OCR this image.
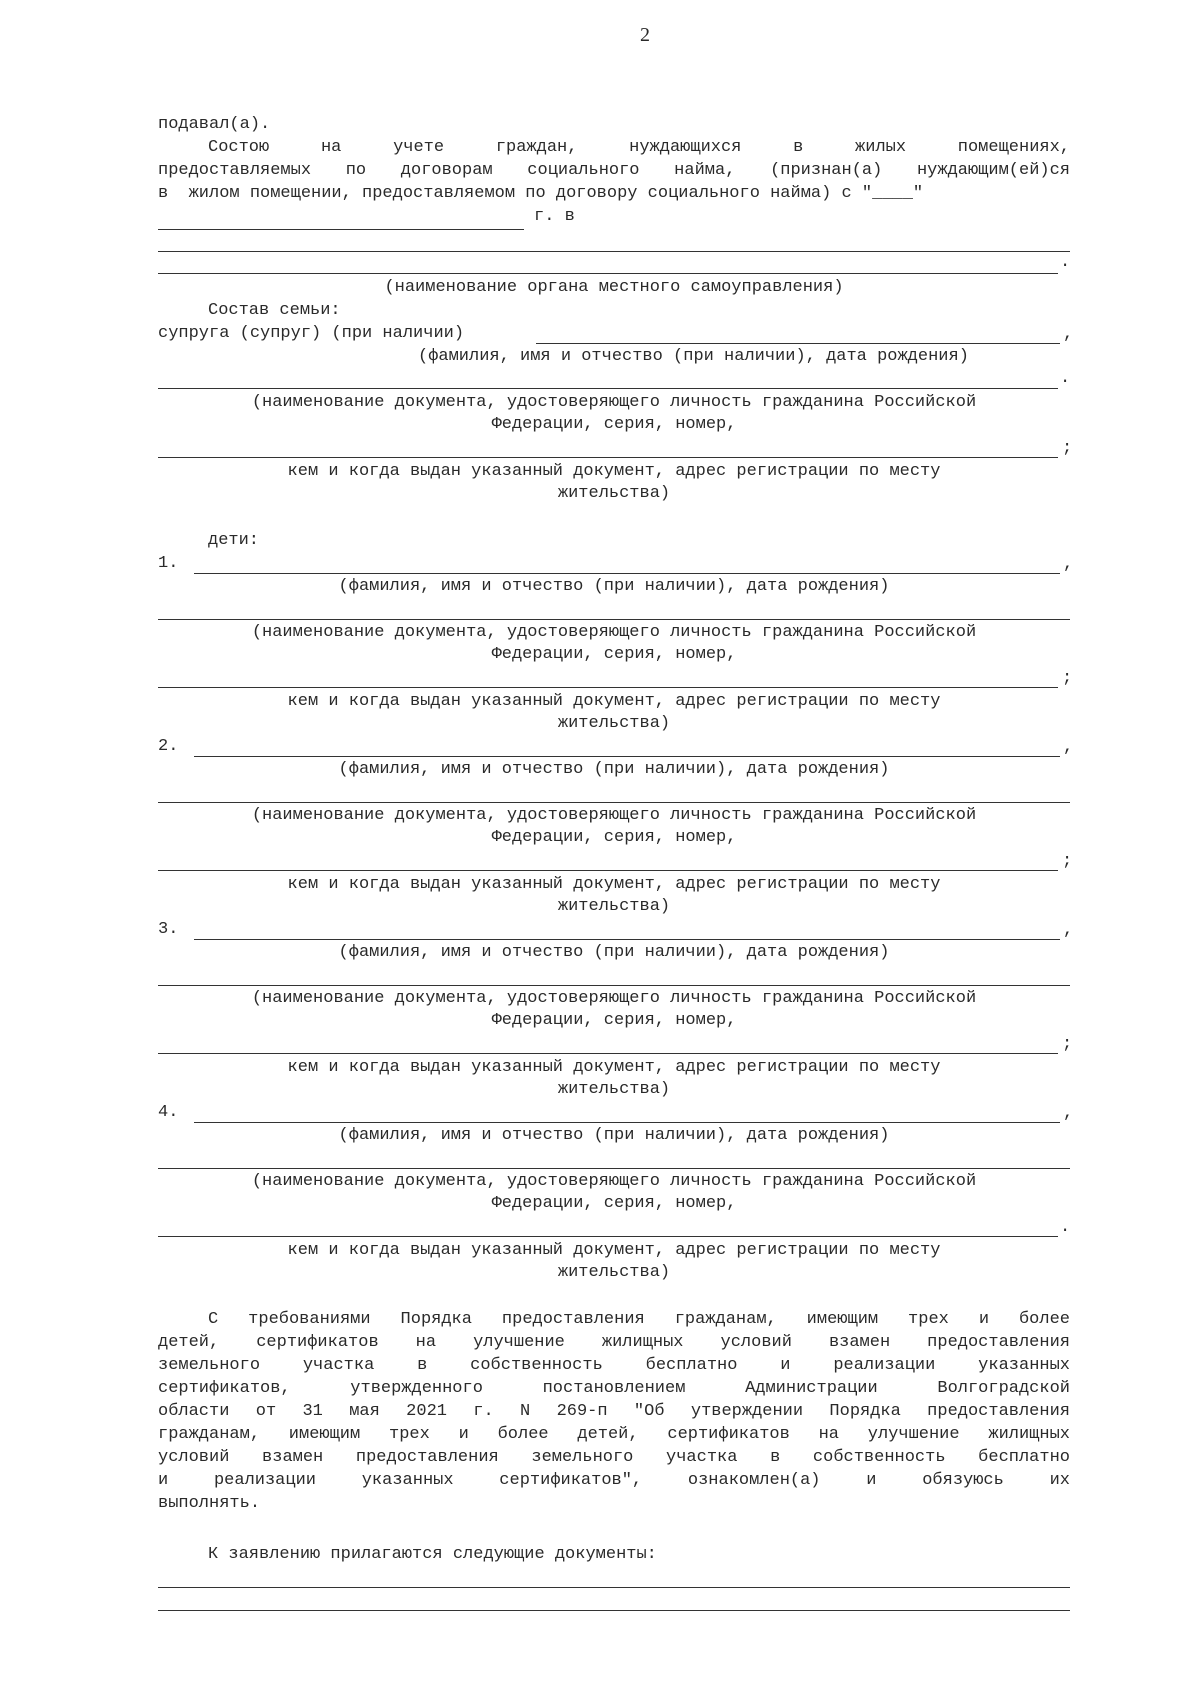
2
подавал(а).
Состою на учете граждан, нуждающихся в жилых помещениях,
предоставляемых по договорам социального найма, (признан(а) нуждающим(ей)ся
в  жилом помещении, предоставляемом по договору социального найма) с "____"
г. в
.
(наименование органа местного самоуправления)
Состав семьи:
супруга (супруг) (при наличии)	,
(фамилия, имя и отчество (при наличии), дата рождения)
.
(наименование документа, удостоверяющего личность гражданина Российской
Федерации, серия, номер,
;
кем и когда выдан указанный документ, адрес регистрации по месту
жительства)
дети:
1.	,
(фамилия, имя и отчество (при наличии), дата рождения)
(наименование документа, удостоверяющего личность гражданина Российской
Федерации, серия, номер,
;
кем и когда выдан указанный документ, адрес регистрации по месту
жительства)
2.	,
(фамилия, имя и отчество (при наличии), дата рождения)
(наименование документа, удостоверяющего личность гражданина Российской
Федерации, серия, номер,
;
кем и когда выдан указанный документ, адрес регистрации по месту
жительства)
3.	,
(фамилия, имя и отчество (при наличии), дата рождения)
(наименование документа, удостоверяющего личность гражданина Российской
Федерации, серия, номер,
;
кем и когда выдан указанный документ, адрес регистрации по месту
жительства)
4.	,
(фамилия, имя и отчество (при наличии), дата рождения)
(наименование документа, удостоверяющего личность гражданина Российской
Федерации, серия, номер,
.
кем и когда выдан указанный документ, адрес регистрации по месту
жительства)
С требованиями Порядка предоставления гражданам, имеющим трех и более
детей, сертификатов на улучшение жилищных условий взамен предоставления
земельного участка в собственность бесплатно и реализации указанных
сертификатов, утвержденного постановлением Администрации Волгоградской
области от 31 мая 2021 г. N 269-п "Об утверждении Порядка предоставления
гражданам, имеющим трех и более детей, сертификатов на улучшение жилищных
условий взамен предоставления земельного участка в собственность бесплатно
и реализации указанных сертификатов", ознакомлен(а) и обязуюсь их
выполнять.
К заявлению прилагаются следующие документы:
